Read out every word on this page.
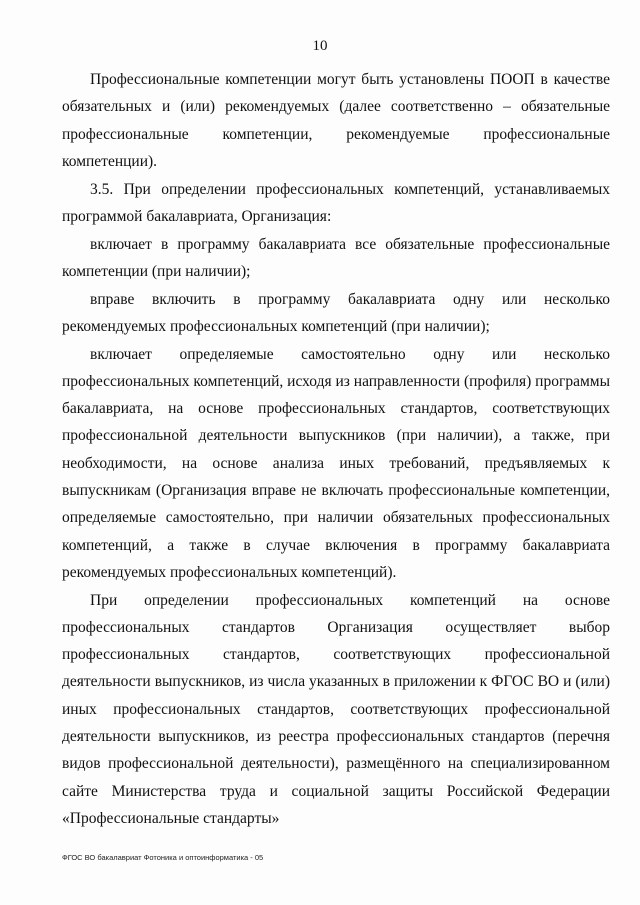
10

Профессиональные компетенции могут быть установлены ПООП в качестве обязательных и (или) рекомендуемых (далее соответственно – обязательные профессиональные компетенции, рекомендуемые профессиональные компетенции).

3.5. При определении профессиональных компетенций, устанавливаемых программой бакалавриата, Организация:

включает в программу бакалавриата все обязательные профессиональные компетенции (при наличии);

вправе включить в программу бакалавриата одну или несколько рекомендуемых профессиональных компетенций (при наличии);

включает определяемые самостоятельно одну или несколько профессиональных компетенций, исходя из направленности (профиля) программы бакалавриата, на основе профессиональных стандартов, соответствующих профессиональной деятельности выпускников (при наличии), а также, при необходимости, на основе анализа иных требований, предъявляемых к выпускникам (Организация вправе не включать профессиональные компетенции, определяемые самостоятельно, при наличии обязательных профессиональных компетенций, а также в случае включения в программу бакалавриата рекомендуемых профессиональных компетенций).

При определении профессиональных компетенций на основе профессиональных стандартов Организация осуществляет выбор профессиональных стандартов, соответствующих профессиональной деятельности выпускников, из числа указанных в приложении к ФГОС ВО и (или) иных профессиональных стандартов, соответствующих профессиональной деятельности выпускников, из реестра профессиональных стандартов (перечня видов профессиональной деятельности), размещённого на специализированном сайте Министерства труда и социальной защиты Российской Федерации «Профессиональные стандарты»

ФГОС ВО бакалавриат Фотоника и оптоинформатика - 05
